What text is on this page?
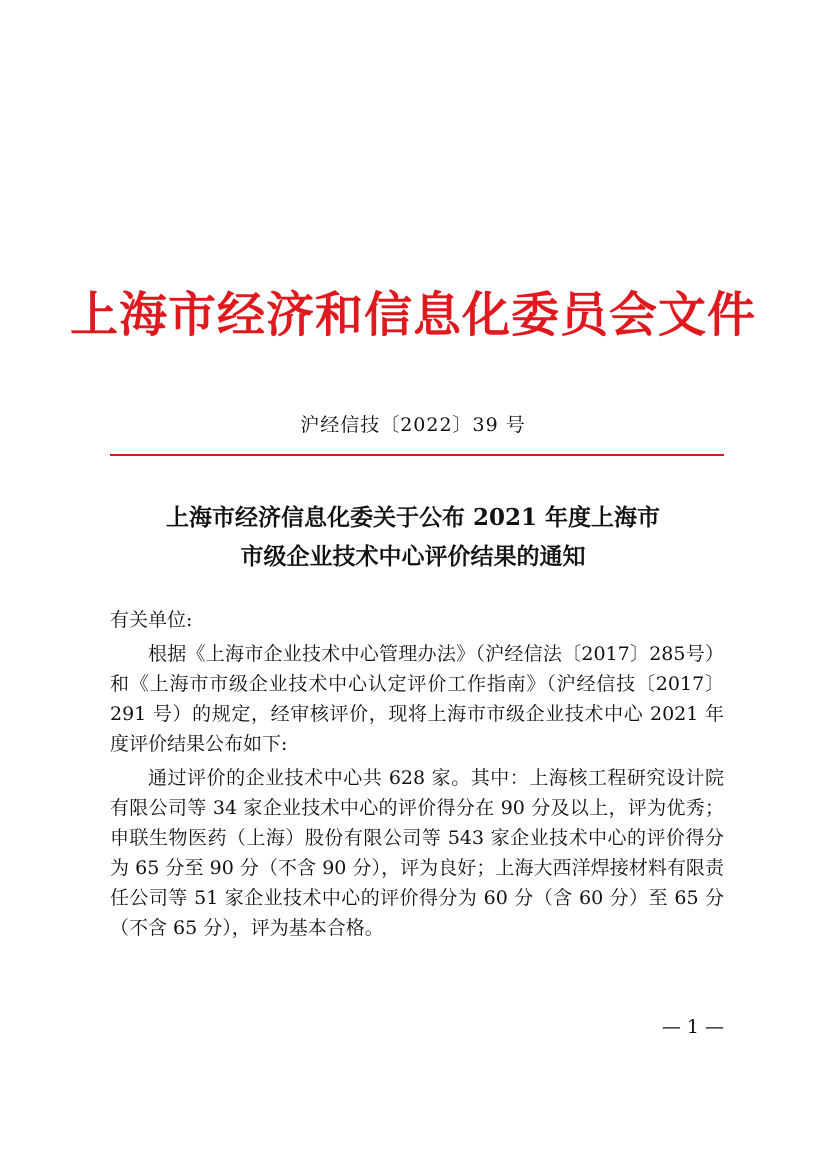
上海市经济和信息化委员会文件
沪经信技〔2022〕39 号
上海市经济信息化委关于公布 2021 年度上海市
市级企业技术中心评价结果的通知

有关单位:

根据《上海市企业技术中心管理办法》（沪经信法〔2017〕285号）和《上海市市级企业技术中心认定评价工作指南》（沪经信技〔2017〕291 号）的规定，经审核评价，现将上海市市级企业技术中心 2021 年度评价结果公布如下:

通过评价的企业技术中心共 628 家。其中：上海核工程研究设计院有限公司等 34 家企业技术中心的评价得分在 90 分及以上，评为优秀；申联生物医药（上海）股份有限公司等 543 家企业技术中心的评价得分为 65 分至 90 分（不含 90 分），评为良好；上海大西洋焊接材料有限责任公司等 51 家企业技术中心的评价得分为 60 分（含 60 分）至 65 分（不含 65 分），评为基本合格。

— 1 —
